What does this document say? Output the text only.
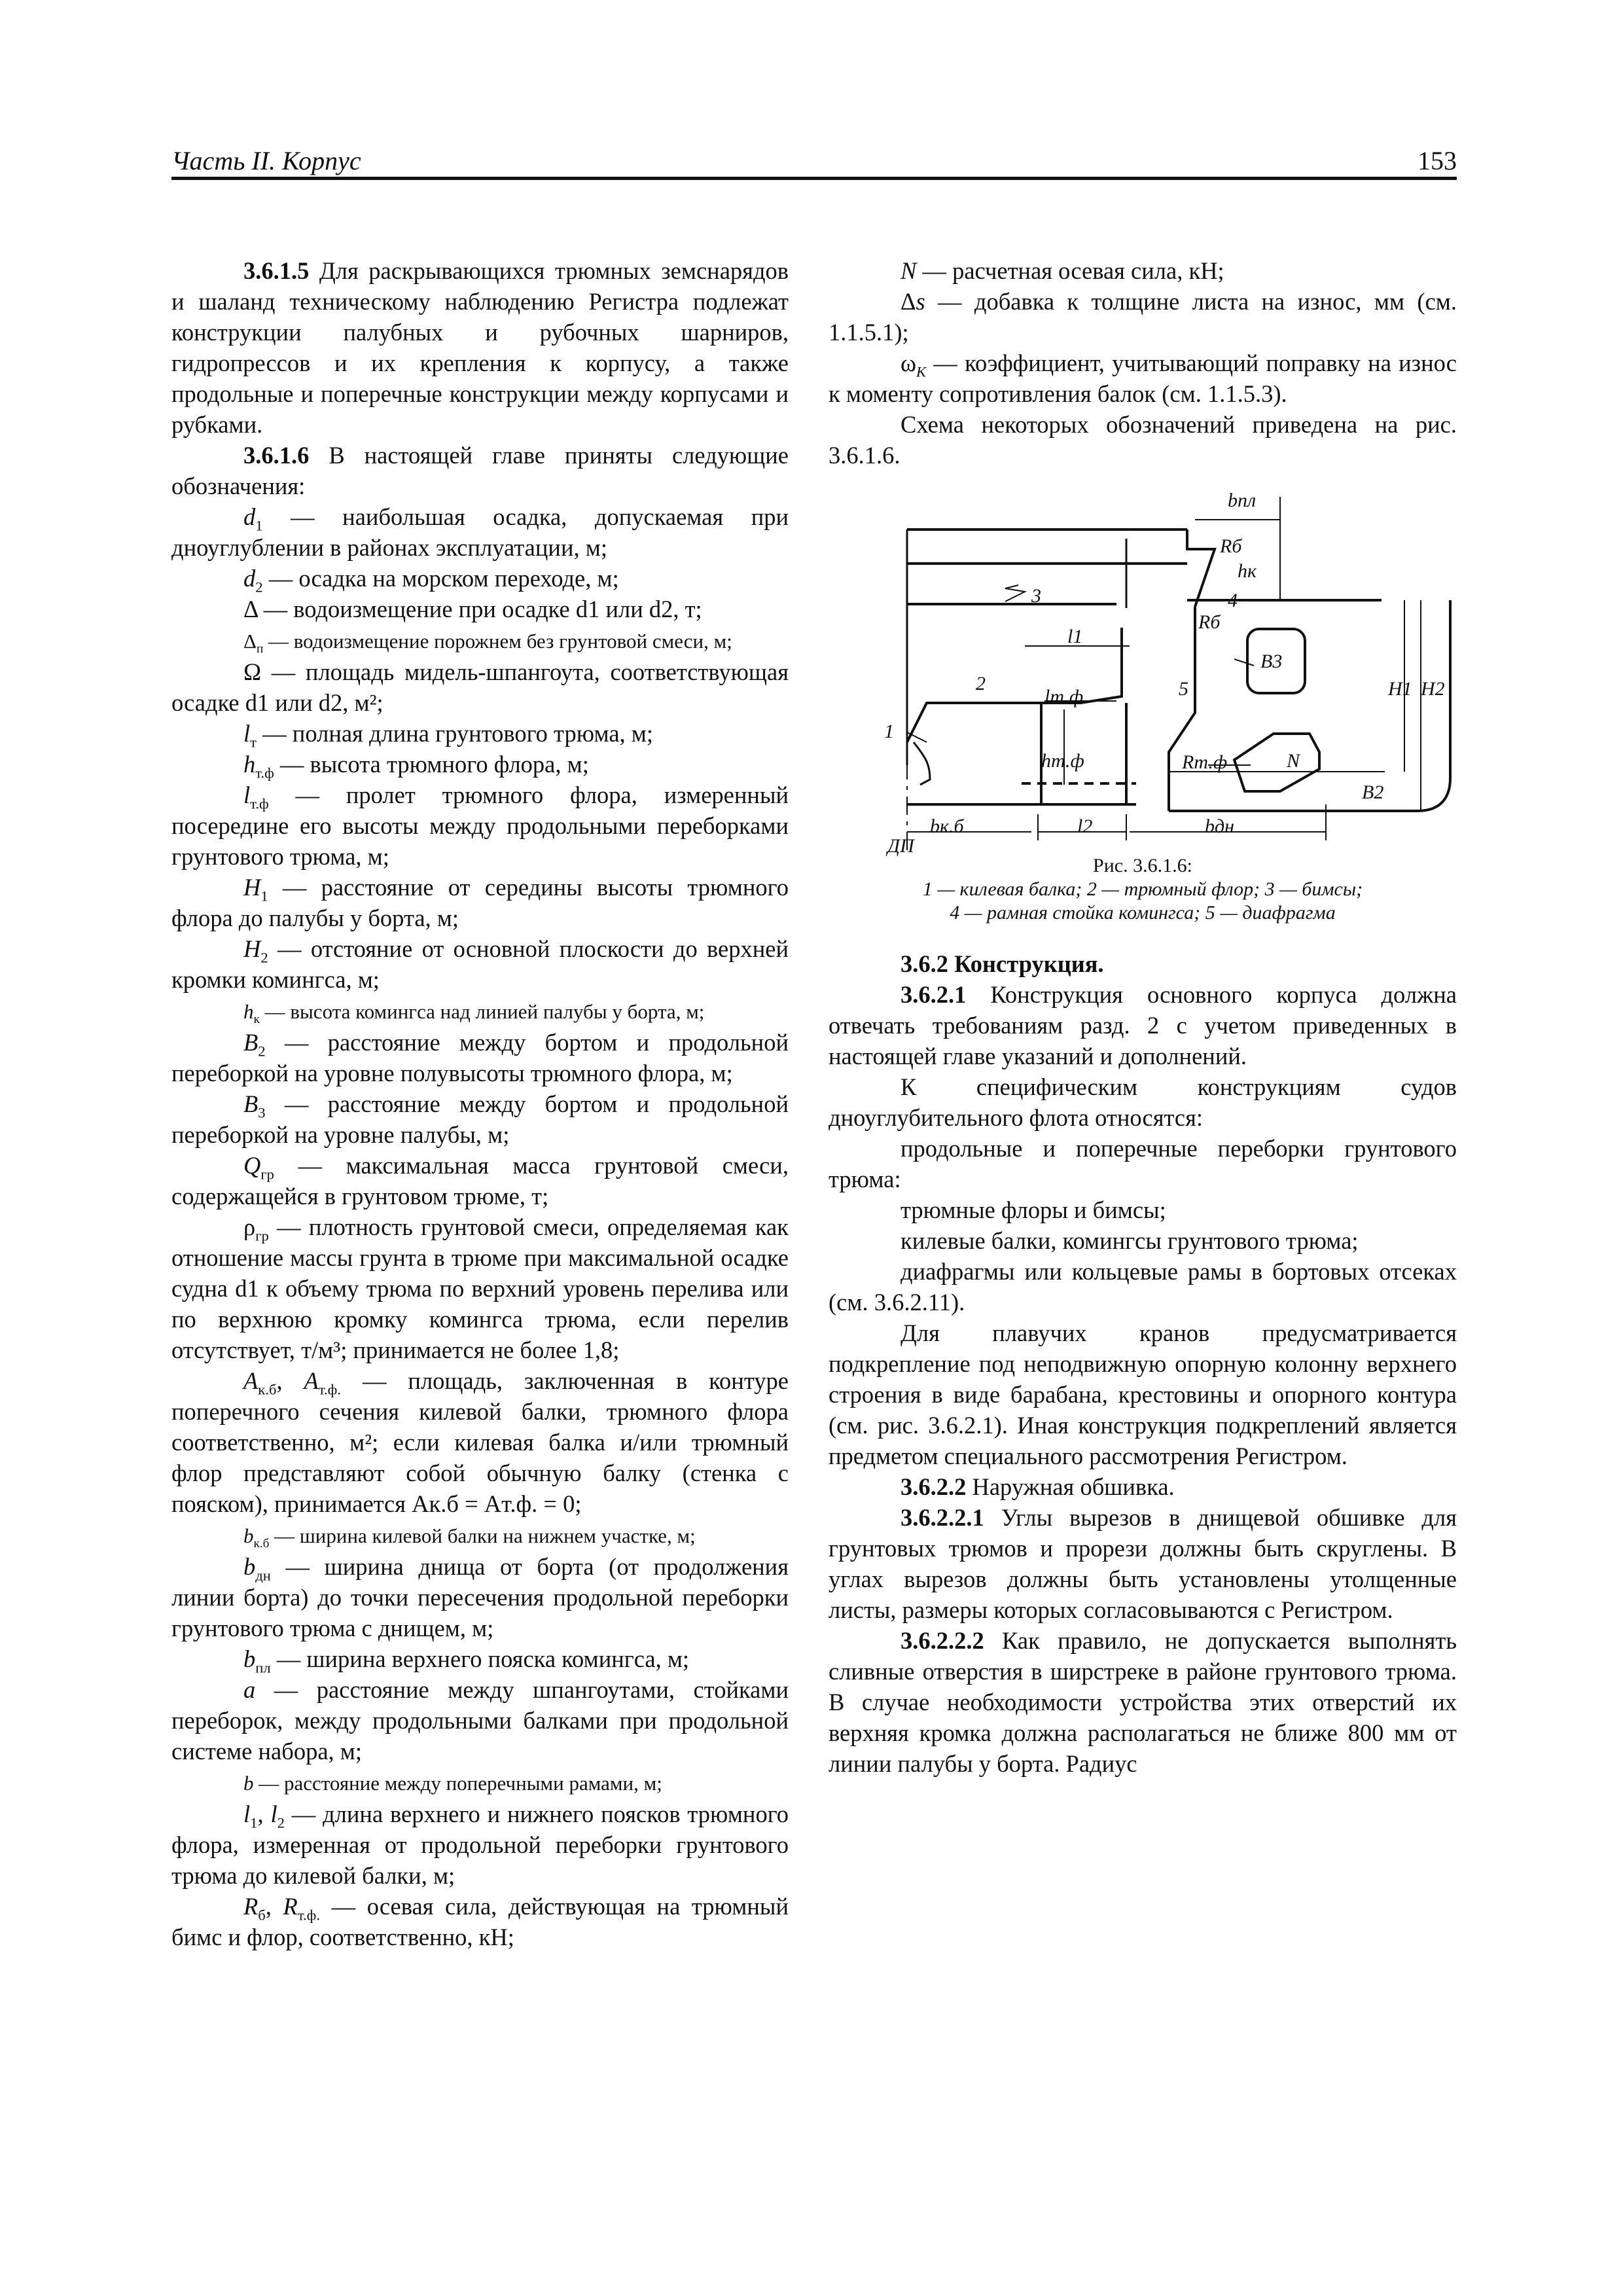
Часть II. Корпус	153

3.6.1.5 Для раскрывающихся трюмных земснарядов и шаланд техническому наблюдению Регистра подлежат конструкции палубных и рубочных шарниров, гидропрессов и их крепления к корпусу, а также продольные и поперечные конструкции между корпусами и рубками.

3.6.1.6 В настоящей главе приняты следующие обозначения:

$d_1$ — наибольшая осадка, допускаемая при дноуглублении в районах эксплуатации, м;

$d_2$ — осадка на морском переходе, м;

Δ — водоизмещение при осадке d1 или d2, т;

$\Delta_п$ — водоизмещение порожнем без грунтовой смеси, м;

Ω — площадь мидель-шпангоута, соответствующая осадке d1 или d2, м²;

$l_т$ — полная длина грунтового трюма, м;

$h_{т.ф}$ — высота трюмного флора, м;

$l_{т.ф}$ — пролет трюмного флора, измеренный посередине его высоты между продольными переборками грунтового трюма, м;

$H_1$ — расстояние от середины высоты трюмного флора до палубы у борта, м;

$H_2$ — отстояние от основной плоскости до верхней кромки комингса, м;

$h_к$ — высота комингса над линией палубы у борта, м;

$B_2$ — расстояние между бортом и продольной переборкой на уровне полувысоты трюмного флора, м;

$B_3$ — расстояние между бортом и продольной переборкой на уровне палубы, м;

$Q_{гр}$ — максимальная масса грунтовой смеси, содержащейся в грунтовом трюме, т;

$\rho_{гр}$ — плотность грунтовой смеси, определяемая как отношение массы грунта в трюме при максимальной осадке судна d1 к объему трюма по верхний уровень перелива или по верхнюю кромку комингса трюма, если перелив отсутствует, т/м³; принимается не более 1,8;

$A_{к.б}$, $A_{т.ф.}$ — площадь, заключенная в контуре поперечного сечения килевой балки, трюмного флора соответственно, м²; если килевая балка и/или трюмный флор представляют собой обычную балку (стенка с пояском), принимается Aк.б = Aт.ф. = 0;

$b_{к.б}$ — ширина килевой балки на нижнем участке, м;

$b_{дн}$ — ширина днища от борта (от продолжения линии борта) до точки пересечения продольной переборки грунтового трюма с днищем, м;

$b_{пл}$ — ширина верхнего пояска комингса, м;

a — расстояние между шпангоутами, стойками переборок, между продольными балками при продольной системе набора, м;

b — расстояние между поперечными рамами, м;

$l_1$, $l_2$ — длина верхнего и нижнего поясков трюмного флора, измеренная от продольной переборки грунтового трюма до килевой балки, м;

$R_б$, $R_{т.ф.}$ — осевая сила, действующая на трюмный бимс и флор, соответственно, кН;

N — расчетная осевая сила, кН;

Δs — добавка к толщине листа на износ, мм (см. 1.1.5.1);

$\omega_K$ — коэффициент, учитывающий поправку на износ к моменту сопротивления балок (см. 1.1.5.3).

Схема некоторых обозначений приведена на рис. 3.6.1.6.

bпл
Rб
hк
4
3
Rб
B3
5	H1 H2
l1
2
1
lт.ф
hт.ф	Rт.ф	N
B2
bк.б	l2	bдн
ДП
Рис. 3.6.1.6:
1 — килевая балка; 2 — трюмный флор; 3 — бимсы;
4 — рамная стойка комингса; 5 — диафрагма
3.6.2 Конструкция.

3.6.2.1 Конструкция основного корпуса должна отвечать требованиям разд. 2 с учетом приведенных в настоящей главе указаний и дополнений.

К специфическим конструкциям судов дноуглубительного флота относятся:

продольные и поперечные переборки грунтового трюма:

трюмные флоры и бимсы;

килевые балки, комингсы грунтового трюма;

диафрагмы или кольцевые рамы в бортовых отсеках (см. 3.6.2.11).

Для плавучих кранов предусматривается подкрепление под неподвижную опорную колонну верхнего строения в виде барабана, крестовины и опорного контура (см. рис. 3.6.2.1). Иная конструкция подкреплений является предметом специального рассмотрения Регистром.

3.6.2.2 Наружная обшивка.

3.6.2.2.1 Углы вырезов в днищевой обшивке для грунтовых трюмов и прорези должны быть скруглены. В углах вырезов должны быть установлены утолщенные листы, размеры которых согласовываются с Регистром.

3.6.2.2.2 Как правило, не допускается выполнять сливные отверстия в ширстреке в районе грунтового трюма. В случае необходимости устройства этих отверстий их верхняя кромка должна располагаться не ближе 800 мм от линии палубы у борта. Радиус
